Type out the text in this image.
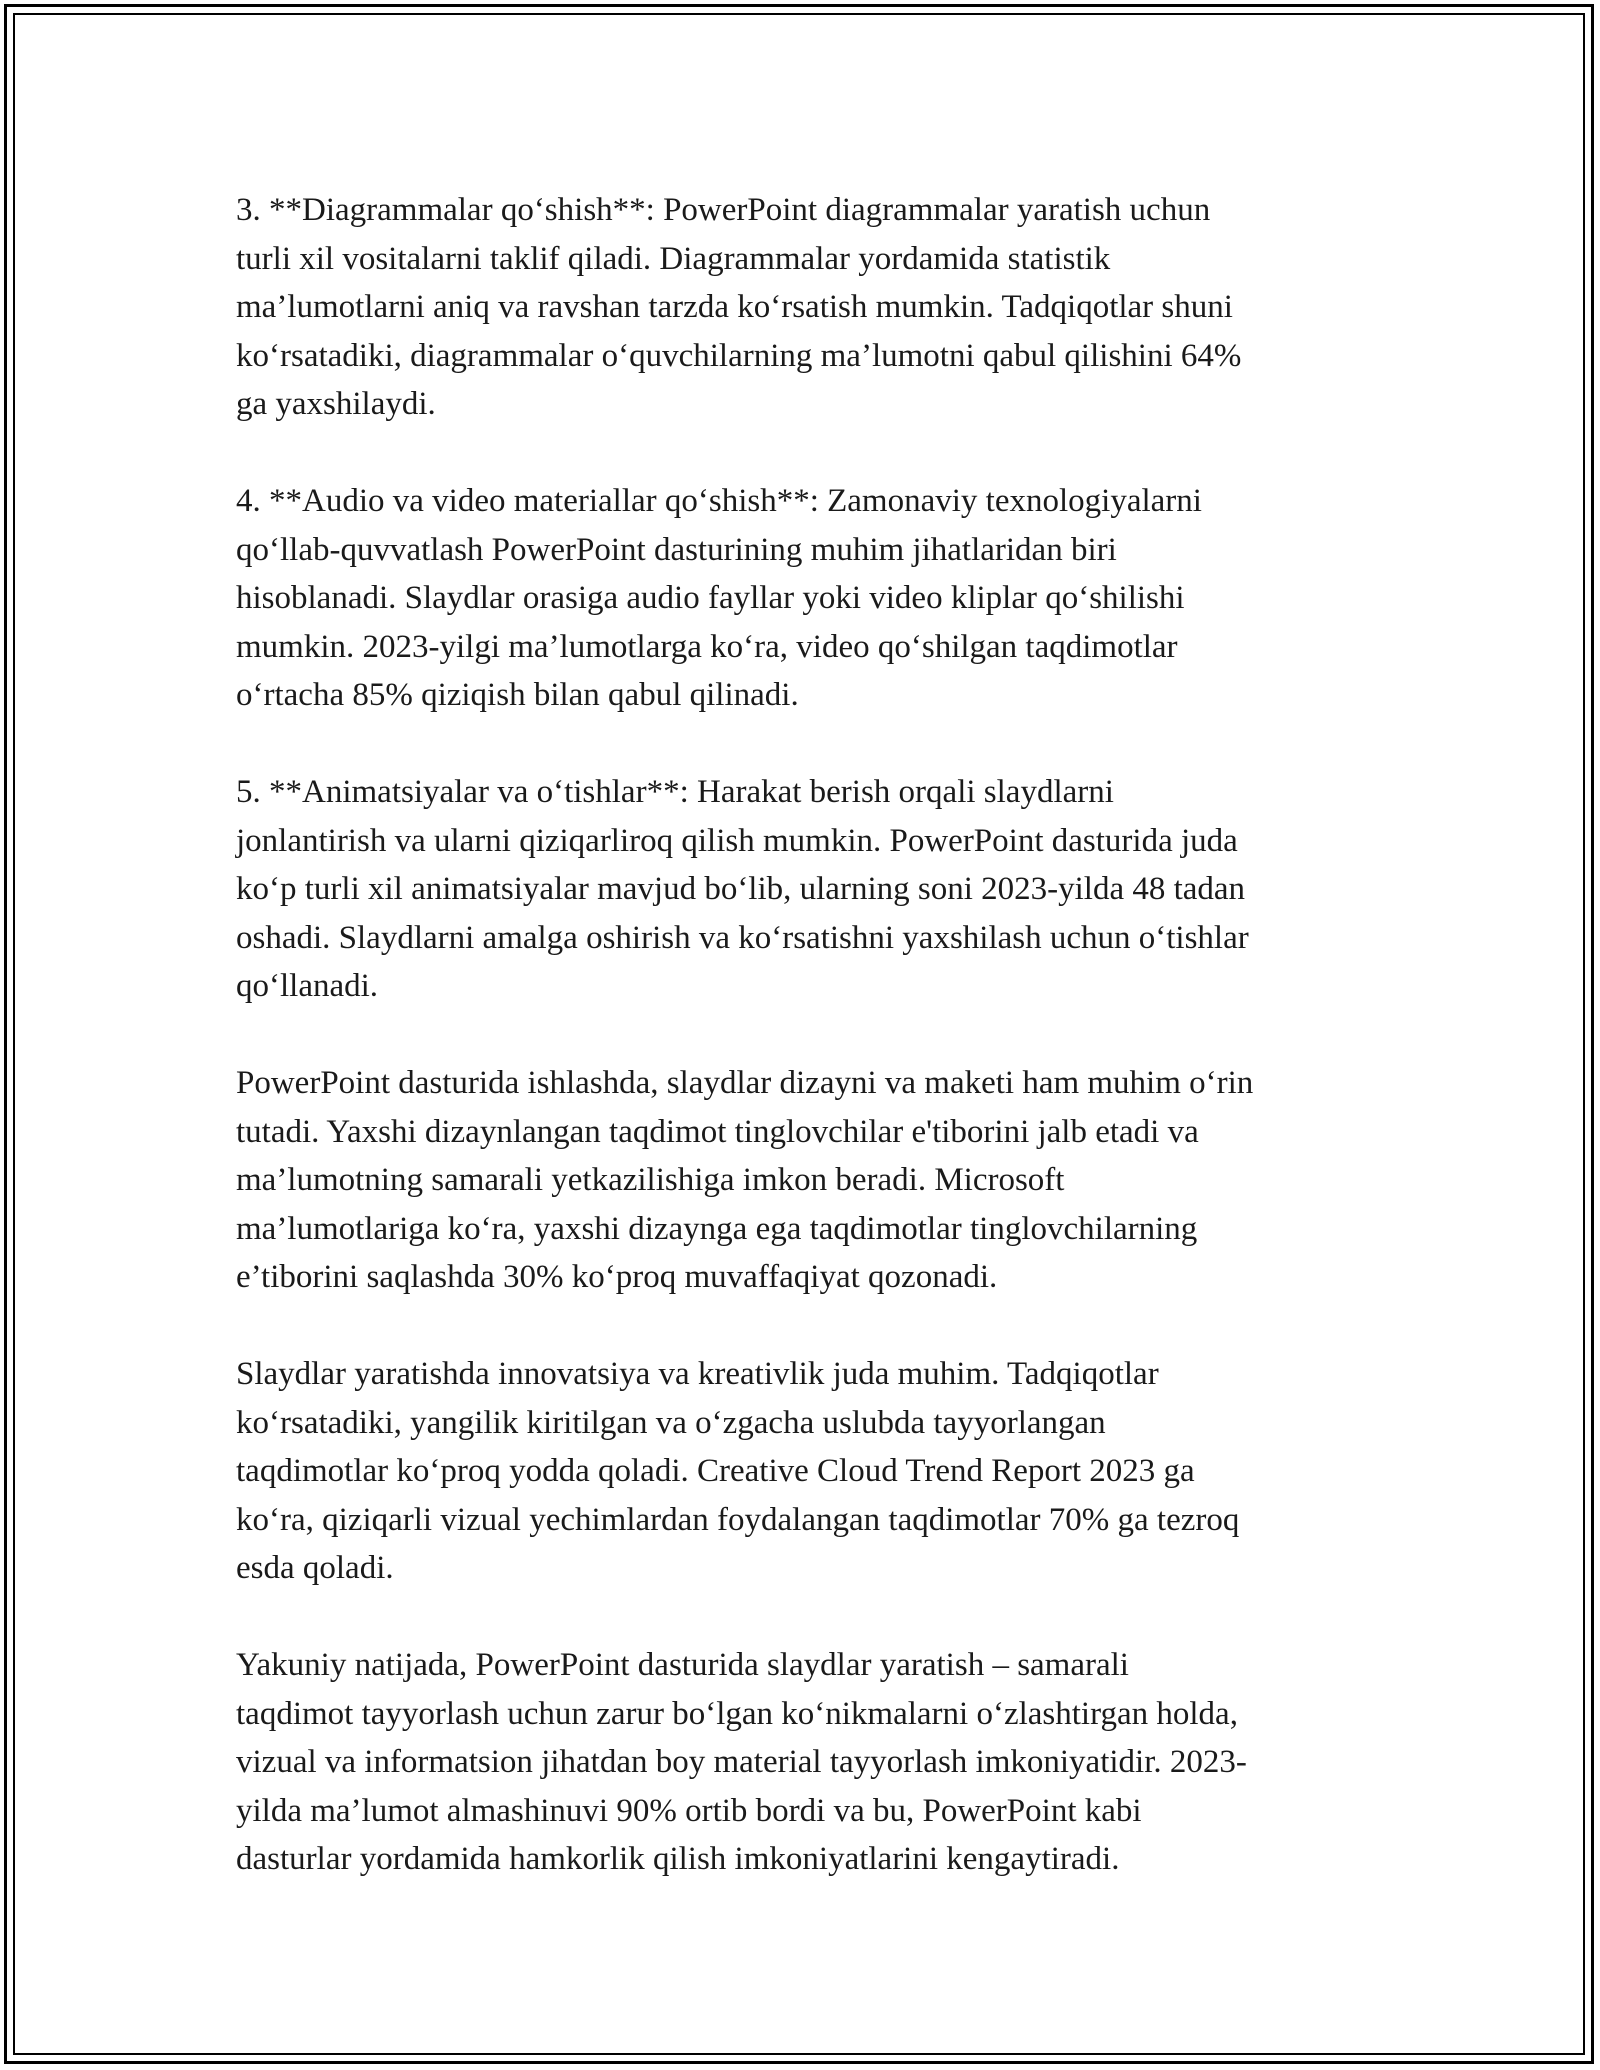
3. **Diagrammalar qo‘shish**: PowerPoint diagrammalar yaratish uchun
turli xil vositalarni taklif qiladi. Diagrammalar yordamida statistik
ma’lumotlarni aniq va ravshan tarzda ko‘rsatish mumkin. Tadqiqotlar shuni
ko‘rsatadiki, diagrammalar o‘quvchilarning ma’lumotni qabul qilishini 64%
ga yaxshilaydi.

4. **Audio va video materiallar qo‘shish**: Zamonaviy texnologiyalarni
qo‘llab-quvvatlash PowerPoint dasturining muhim jihatlaridan biri
hisoblanadi. Slaydlar orasiga audio fayllar yoki video kliplar qo‘shilishi
mumkin. 2023-yilgi ma’lumotlarga ko‘ra, video qo‘shilgan taqdimotlar
o‘rtacha 85% qiziqish bilan qabul qilinadi.

5. **Animatsiyalar va o‘tishlar**: Harakat berish orqali slaydlarni
jonlantirish va ularni qiziqarliroq qilish mumkin. PowerPoint dasturida juda
ko‘p turli xil animatsiyalar mavjud bo‘lib, ularning soni 2023-yilda 48 tadan
oshadi. Slaydlarni amalga oshirish va ko‘rsatishni yaxshilash uchun o‘tishlar
qo‘llanadi.

PowerPoint dasturida ishlashda, slaydlar dizayni va maketi ham muhim o‘rin
tutadi. Yaxshi dizaynlangan taqdimot tinglovchilar e'tiborini jalb etadi va
ma’lumotning samarali yetkazilishiga imkon beradi. Microsoft
ma’lumotlariga ko‘ra, yaxshi dizaynga ega taqdimotlar tinglovchilarning
e’tiborini saqlashda 30% ko‘proq muvaffaqiyat qozonadi.

Slaydlar yaratishda innovatsiya va kreativlik juda muhim. Tadqiqotlar
ko‘rsatadiki, yangilik kiritilgan va o‘zgacha uslubda tayyorlangan
taqdimotlar ko‘proq yodda qoladi. Creative Cloud Trend Report 2023 ga
ko‘ra, qiziqarli vizual yechimlardan foydalangan taqdimotlar 70% ga tezroq
esda qoladi.

Yakuniy natijada, PowerPoint dasturida slaydlar yaratish – samarali
taqdimot tayyorlash uchun zarur bo‘lgan ko‘nikmalarni o‘zlashtirgan holda,
vizual va informatsion jihatdan boy material tayyorlash imkoniyatidir. 2023-
yilda ma’lumot almashinuvi 90% ortib bordi va bu, PowerPoint kabi
dasturlar yordamida hamkorlik qilish imkoniyatlarini kengaytiradi.
